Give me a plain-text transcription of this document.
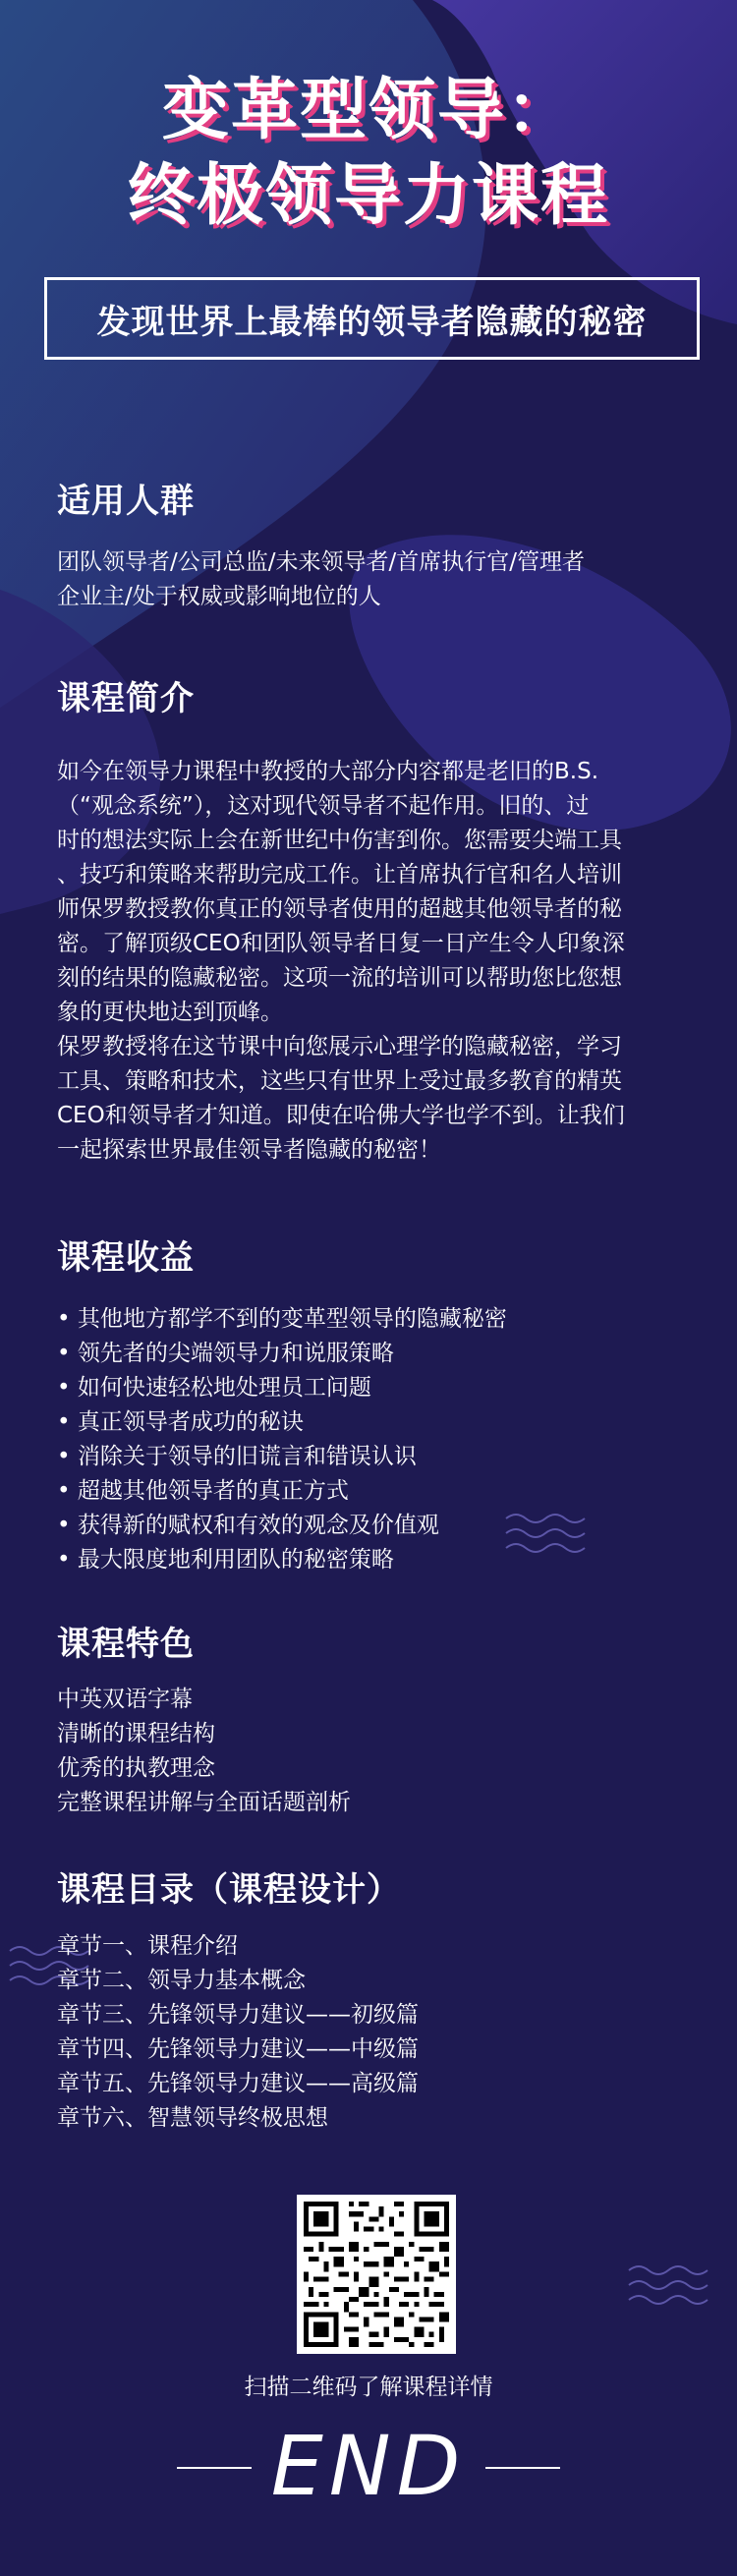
变革型领导：
终极领导力课程
发现世界上最棒的领导者隐藏的秘密
适用人群
团队领导者/公司总监/未来领导者/首席执行官/管理者
企业主/处于权威或影响地位的人
课程简介
如今在领导力课程中教授的大部分内容都是老旧的B.S.
（“观念系统”），这对现代领导者不起作用。旧的、过
时的想法实际上会在新世纪中伤害到你。您需要尖端工具
、技巧和策略来帮助完成工作。让首席执行官和名人培训
师保罗教授教你真正的领导者使用的超越其他领导者的秘
密。了解顶级CEO和团队领导者日复一日产生令人印象深
刻的结果的隐藏秘密。这项一流的培训可以帮助您比您想
象的更快地达到顶峰。
保罗教授将在这节课中向您展示心理学的隐藏秘密，学习
工具、策略和技术，这些只有世界上受过最多教育的精英
CEO和领导者才知道。即使在哈佛大学也学不到。让我们
一起探索世界最佳领导者隐藏的秘密！
课程收益
• 其他地方都学不到的变革型领导的隐藏秘密
• 领先者的尖端领导力和说服策略
• 如何快速轻松地处理员工问题
• 真正领导者成功的秘诀
• 消除关于领导的旧谎言和错误认识
• 超越其他领导者的真正方式
• 获得新的赋权和有效的观念及价值观
• 最大限度地利用团队的秘密策略
课程特色
中英双语字幕
清晰的课程结构
优秀的执教理念
完整课程讲解与全面话题剖析
课程目录（课程设计）
章节一、课程介绍
章节二、领导力基本概念
章节三、先锋领导力建议——初级篇
章节四、先锋领导力建议——中级篇
章节五、先锋领导力建议——高级篇
章节六、智慧领导终极思想
扫描二维码了解课程详情
END
